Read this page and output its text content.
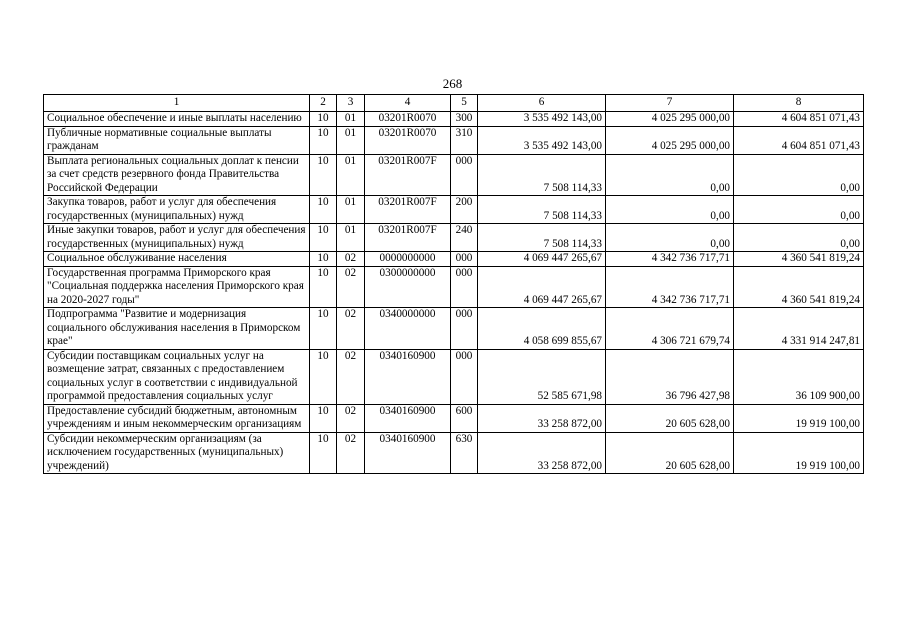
268
1	2	3	4	5	6	7	8
Социальное обеспечение и иные выплаты населению	10	01	03201R0070	300	3 535 492 143,00	4 025 295 000,00	4 604 851 071,43
Публичные нормативные социальные выплаты гражданам	10	01	03201R0070	310	3 535 492 143,00	4 025 295 000,00	4 604 851 071,43
Выплата региональных социальных доплат к пенсии за счет средств резервного фонда Правительства Российской Федерации	10	01	03201R007F	000	7 508 114,33	0,00	0,00
Закупка товаров, работ и услуг для обеспечения государственных (муниципальных) нужд	10	01	03201R007F	200	7 508 114,33	0,00	0,00
Иные закупки товаров, работ и услуг для обеспечения государственных (муниципальных) нужд	10	01	03201R007F	240	7 508 114,33	0,00	0,00
Социальное обслуживание населения	10	02	0000000000	000	4 069 447 265,67	4 342 736 717,71	4 360 541 819,24
Государственная программа Приморского края "Социальная поддержка населения Приморского края на 2020-2027 годы"	10	02	0300000000	000	4 069 447 265,67	4 342 736 717,71	4 360 541 819,24
Подпрограмма "Развитие и модернизация социального обслуживания населения в Приморском крае"	10	02	0340000000	000	4 058 699 855,67	4 306 721 679,74	4 331 914 247,81
Субсидии поставщикам социальных услуг на возмещение затрат, связанных с предоставлением социальных услуг в соответствии с индивидуальной программой предоставления социальных услуг	10	02	0340160900	000	52 585 671,98	36 796 427,98	36 109 900,00
Предоставление субсидий бюджетным, автономным учреждениям и иным некоммерческим организациям	10	02	0340160900	600	33 258 872,00	20 605 628,00	19 919 100,00
Субсидии некоммерческим организациям (за исключением государственных (муниципальных) учреждений)	10	02	0340160900	630	33 258 872,00	20 605 628,00	19 919 100,00
